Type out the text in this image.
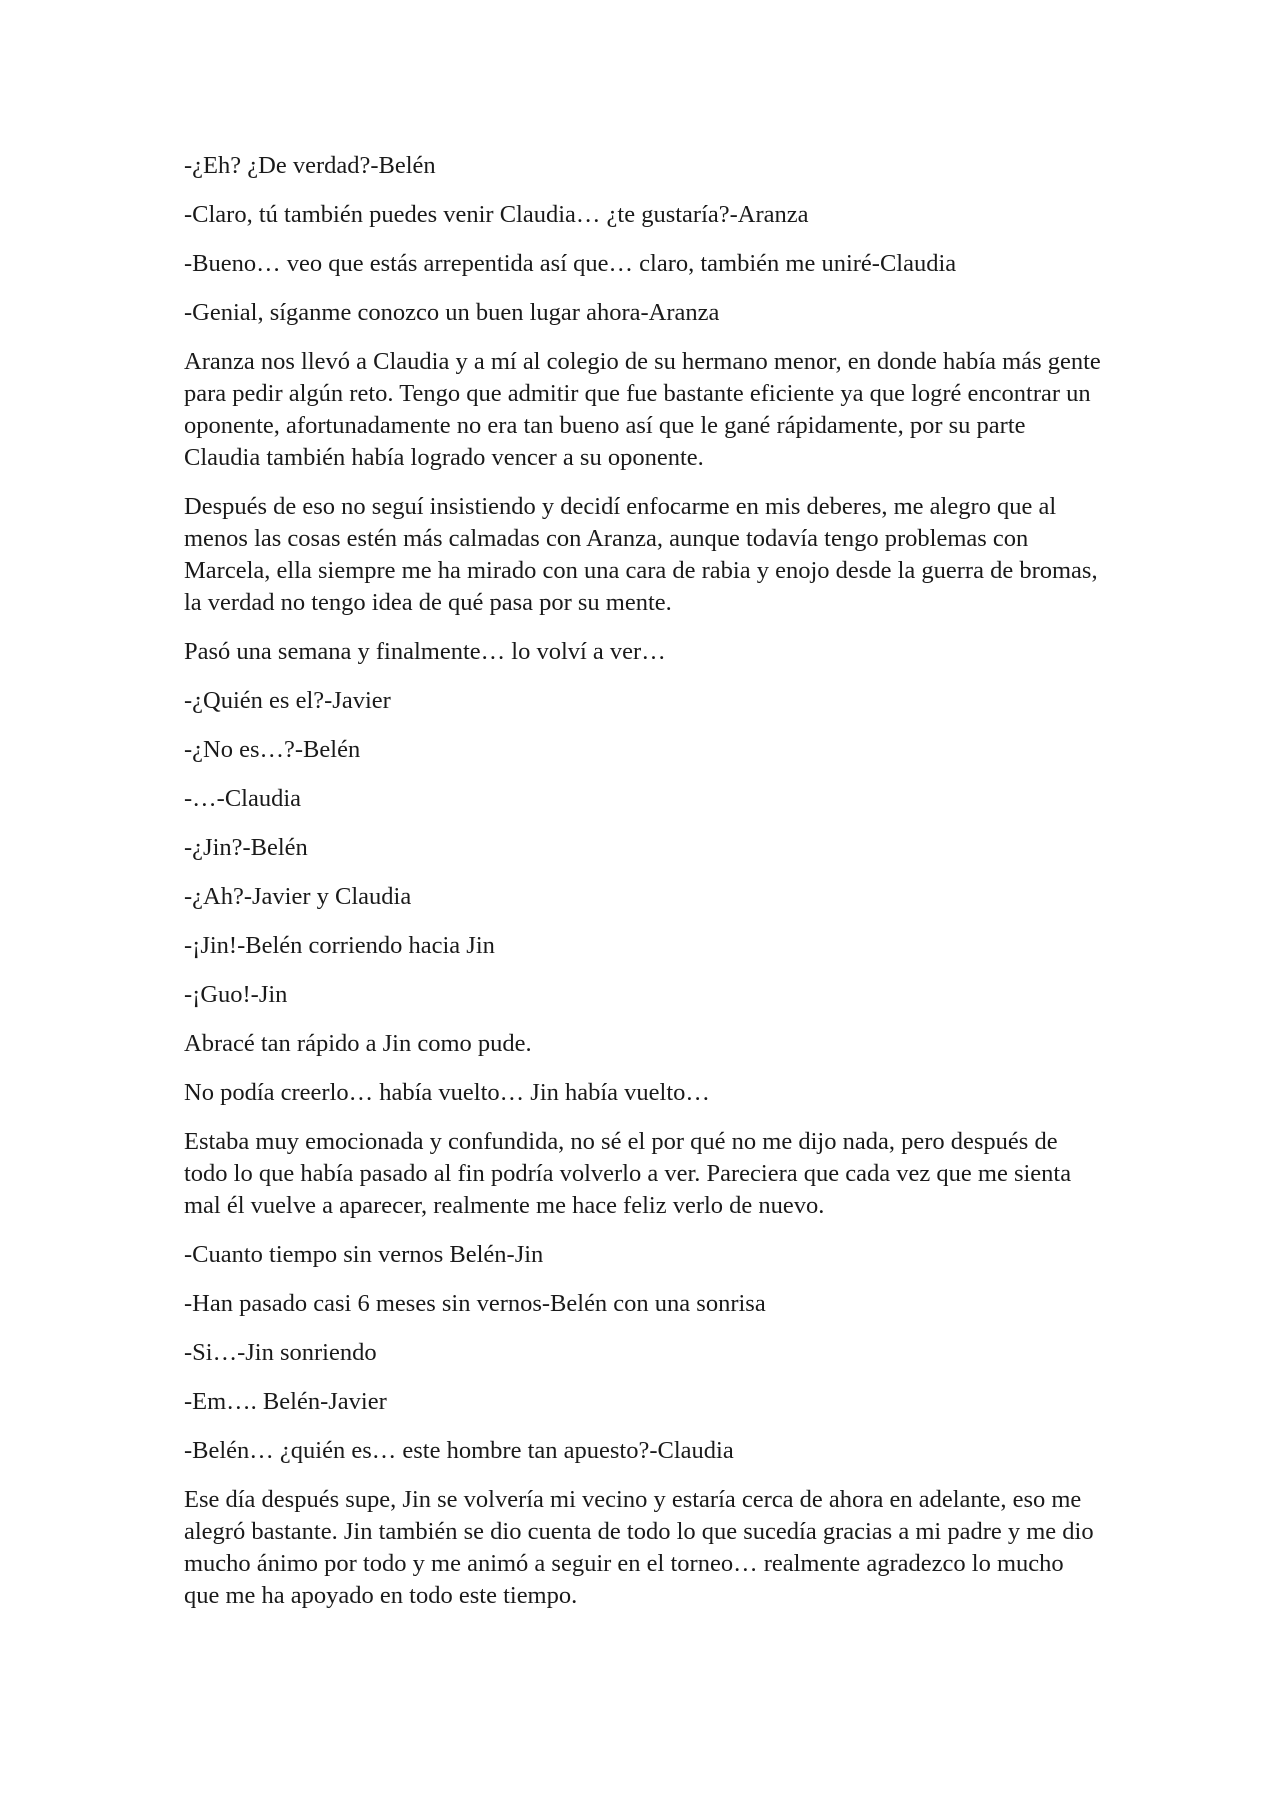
-¿Eh? ¿De verdad?-Belén

-Claro, tú también puedes venir Claudia… ¿te gustaría?-Aranza

-Bueno… veo que estás arrepentida así que… claro, también me uniré-Claudia

-Genial, síganme conozco un buen lugar ahora-Aranza

Aranza nos llevó a Claudia y a mí al colegio de su hermano menor, en donde había más gente para pedir algún reto. Tengo que admitir que fue bastante eficiente ya que logré encontrar un oponente, afortunadamente no era tan bueno así que le gané rápidamente, por su parte Claudia también había logrado vencer a su oponente.

Después de eso no seguí insistiendo y decidí enfocarme en mis deberes, me alegro que al menos las cosas estén más calmadas con Aranza, aunque todavía tengo problemas con Marcela, ella siempre me ha mirado con una cara de rabia y enojo desde la guerra de bromas, la verdad no tengo idea de qué pasa por su mente.

Pasó una semana y finalmente… lo volví a ver…

-¿Quién es el?-Javier

-¿No es…?-Belén

-…-Claudia

-¿Jin?-Belén

-¿Ah?-Javier y Claudia

-¡Jin!-Belén corriendo hacia Jin

-¡Guo!-Jin

Abracé tan rápido a Jin como pude.

No podía creerlo… había vuelto… Jin había vuelto…

Estaba muy emocionada y confundida, no sé el por qué no me dijo nada, pero después de todo lo que había pasado al fin podría volverlo a ver. Pareciera que cada vez que me sienta mal él vuelve a aparecer, realmente me hace feliz verlo de nuevo.

-Cuanto tiempo sin vernos Belén-Jin

-Han pasado casi 6 meses sin vernos-Belén con una sonrisa

-Si…-Jin sonriendo

-Em…. Belén-Javier

-Belén… ¿quién es… este hombre tan apuesto?-Claudia

Ese día después supe, Jin se volvería mi vecino y estaría cerca de ahora en adelante, eso me alegró bastante. Jin también se dio cuenta de todo lo que sucedía gracias a mi padre y me dio mucho ánimo por todo y me animó a seguir en el torneo… realmente agradezco lo mucho que me ha apoyado en todo este tiempo.
